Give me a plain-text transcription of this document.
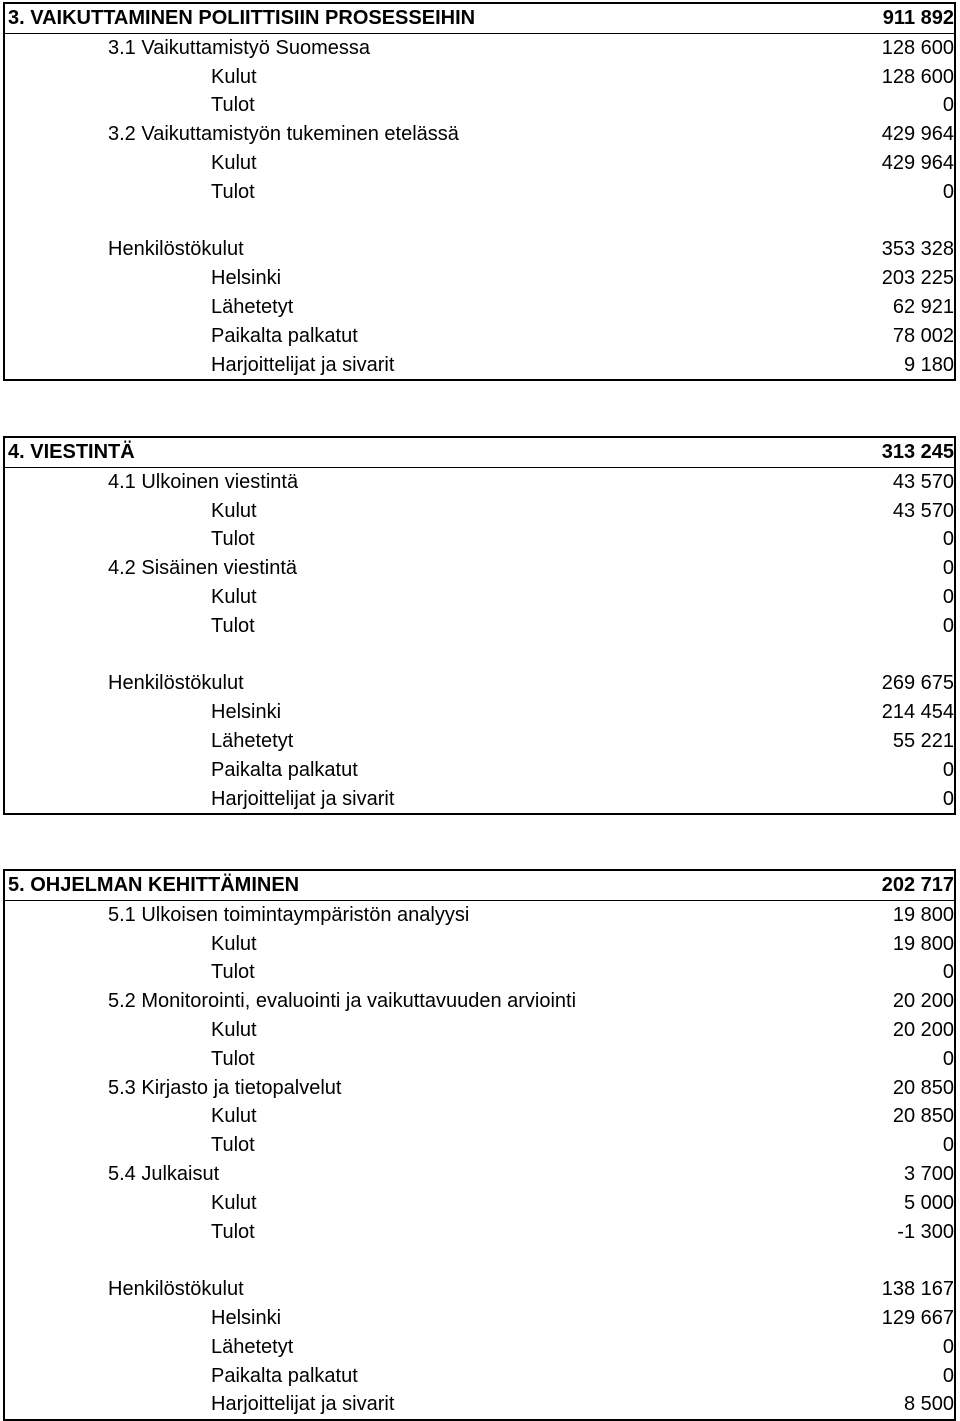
3. VAIKUTTAMINEN POLIITTISIIN PROSESSEIHIN	911 892
3.1 Vaikuttamistyö Suomessa	128 600
Kulut	128 600
Tulot	0
3.2 Vaikuttamistyön tukeminen etelässä	429 964
Kulut	429 964
Tulot	0
Henkilöstökulut	353 328
Helsinki	203 225
Lähetetyt	62 921
Paikalta palkatut	78 002
Harjoittelijat ja sivarit	9 180
4. VIESTINTÄ	313 245
4.1 Ulkoinen viestintä	43 570
Kulut	43 570
Tulot	0
4.2 Sisäinen viestintä	0
Kulut	0
Tulot	0
Henkilöstökulut	269 675
Helsinki	214 454
Lähetetyt	55 221
Paikalta palkatut	0
Harjoittelijat ja sivarit	0
5. OHJELMAN KEHITTÄMINEN	202 717
5.1 Ulkoisen toimintaympäristön analyysi	19 800
Kulut	19 800
Tulot	0
5.2 Monitorointi, evaluointi ja vaikuttavuuden arviointi	20 200
Kulut	20 200
Tulot	0
5.3 Kirjasto ja tietopalvelut	20 850
Kulut	20 850
Tulot	0
5.4 Julkaisut	3 700
Kulut	5 000
Tulot	-1 300
Henkilöstökulut	138 167
Helsinki	129 667
Lähetetyt	0
Paikalta palkatut	0
Harjoittelijat ja sivarit	8 500
